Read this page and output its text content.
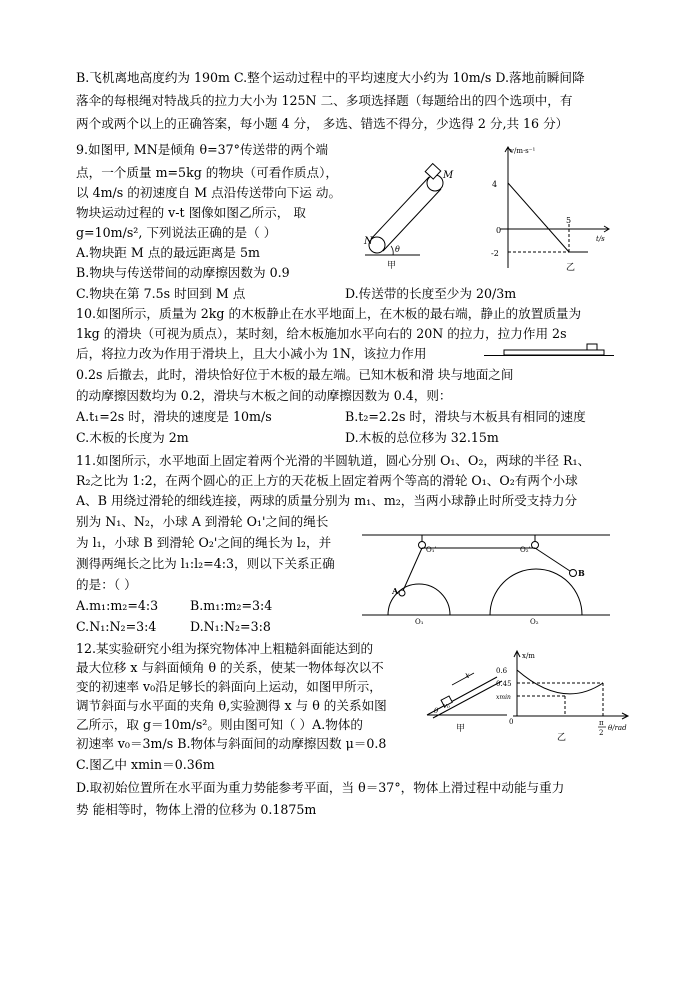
B.飞机离地高度约为 190m C.整个运动过程中的平均速度大小约为 10m/s D.落地前瞬间降
落伞的每根绳对特战兵的拉力大小为 125N 二、多项选择题（每题给出的四个选项中，有
两个或两个以上的正确答案，每小题 4 分， 多选、错选不得分，少选得 2 分,共 16 分）
9.如图甲, MN是倾角 θ=37°传送带的两个端
点，一个质量 m=5kg 的物块（可看作质点），
以 4m/s 的初速度自 M 点沿传送带向下运 动。
物块运动过程的 v-t 图像如图乙所示， 取
g=10m/s², 下列说法正确的是（ ）
A.物块距 M 点的最远距离是 5m
B.物块与传送带间的动摩擦因数为 0.9
C.物块在第 7.5s 时回到 M 点	D.传送带的长度至少为 20/3m
M
N
θ
甲
v/m·s⁻¹
t/s
4
0
-2
5
乙
10.如图所示，质量为 2kg 的木板静止在水平地面上，在木板的最右端，静止的放置质量为
1kg 的滑块（可视为质点），某时刻，给木板施加水平向右的 20N 的拉力，拉力作用 2s
后，将拉力改为作用于滑块上，且大小减小为 1N，该拉力作用
0.2s 后撤去，此时，滑块恰好位于木板的最左端。已知木板和滑 块与地面之间
的动摩擦因数均为 0.2，滑块与木板之间的动摩擦因数为 0.4，则：
A.t₁=2s 时，滑块的速度是 10m/s	B.t₂=2.2s 时，滑块与木板具有相同的速度
C.木板的长度为 2m	D.木板的总位移为 32.15m
11.如图所示，水平地面上固定着两个光滑的半圆轨道，圆心分别 O₁、O₂，两球的半径 R₁、
R₂之比为 1:2，在两个圆心的正上方的天花板上固定着两个等高的滑轮 O₁、O₂有两个小球
A、B 用绕过滑轮的细线连接，两球的质量分别为 m₁、m₂，当两小球静止时所受支持力分
别为 N₁、N₂，小球 A 到滑轮 O₁'之间的绳长
为 l₁，小球 B 到滑轮 O₂'之间的绳长为 l₂，并
测得两绳长之比为 l₁:l₂=4:3，则以下关系正确
的是：（ ）
A.m₁:m₂=4:3	B.m₁:m₂=3:4
C.N₁:N₂=3:4	D.N₁:N₂=3:8
O₁'	O₂'
A
B
O₁	O₂
12.某实验研究小组为探究物体冲上粗糙斜面能达到的
最大位移 x 与斜面倾角 θ 的关系，使某一物体每次以不
变的初速率 v₀沿足够长的斜面向上运动，如图甲所示，
调节斜面与水平面的夹角 θ,实验测得 x 与 θ 的关系如图
乙所示，取 g＝10m/s²。则由图可知（ ）A.物体的
初速率 v₀＝3m/s B.物体与斜面间的动摩擦因数 μ＝0.8
C.图乙中 xmin＝0.36m
D.取初始位置所在水平面为重力势能参考平面，当 θ＝37°，物体上滑过程中动能与重力
势 能相等时，物体上滑的位移为 0.1875m
x
v₀
θ
甲
x/m
0.6
0.45
xmin
0	π
2
θ/rad
乙
